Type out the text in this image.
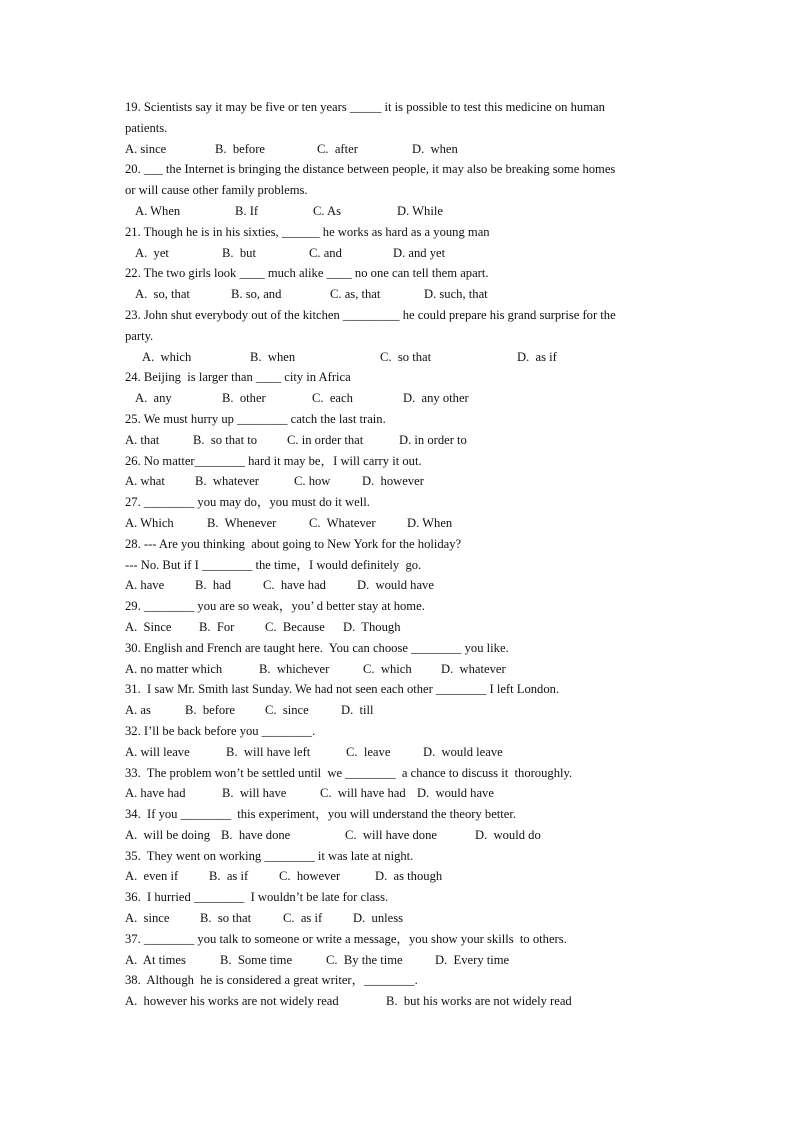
19. Scientists say it may be five or ten years _____ it is possible to test this medicine on human
patients.
A. since	B.  before	C.  after	D.  when
20. ___ the Internet is bringing the distance between people, it may also be breaking some homes
or will cause other family problems.
A. When	B. If	C. As	D. While
21. Though he is in his sixties, ______ he works as hard as a young man
A.  yet	B.  but	C. and	D. and yet
22. The two girls look ____ much alike ____ no one can tell them apart.
A.  so, that	B. so, and	C. as, that	D. such, that
23. John shut everybody out of the kitchen _________ he could prepare his grand surprise for the
party.
A.  which	B.  when	C.  so that	D.  as if
24. Beijing  is larger than ____ city in Africa
A.  any	B.  other	C.  each	D.  any other
25. We must hurry up ________ catch the last train.
A. that	B.  so that to C. in order that	D. in order to
26. No matter________ hard it may be，I will carry it out.
A. what B.  whatever	C. how	D.  however
27. ________ you may do，you must do it well.
A. Which	B.  Whenever	C.  Whatever D. When
28. --- Are you thinking  about going to New York for the holiday?
--- No. But if I ________ the time，I would definitely  go.
A. have B.  had	C.  have had D.  would have
29. ________ you are so weak，you’ d better stay at home.
A.  Since B.  For C.  Because D.  Though
30. English and French are taught here.  You can choose ________ you like.
A. no matter which	B.  whichever	C.  which D.  whatever
31.  I saw Mr. Smith last Sunday. We had not seen each other ________ I left London.
A. as	B.  before C.  since	D.  till
32. I’ll be back before you ________.
A. will leave	B.  will have left	C.  leave	D.  would leave
33.  The problem won’t be settled until  we ________  a chance to discuss it  thoroughly.
A. have had	B.  will have	C.  will have had D.  would have
34.  If you ________  this experiment，you will understand the theory better.
A.  will be doing B.  have done	C.  will have done	D.  would do
35.  They went on working ________ it was late at night.
A.  even if B.  as if C.  however	D.  as though
36.  I hurried ________  I wouldn’t be late for class.
A.  since B.  so that	C.  as if D.  unless
37. ________ you talk to someone or write a message，you show your skills  to others.
A.  At times	B.  Some time	C.  By the time	D.  Every time
38.  Although  he is considered a great writer，________.
A.  however his works are not widely read	B.  but his works are not widely read
